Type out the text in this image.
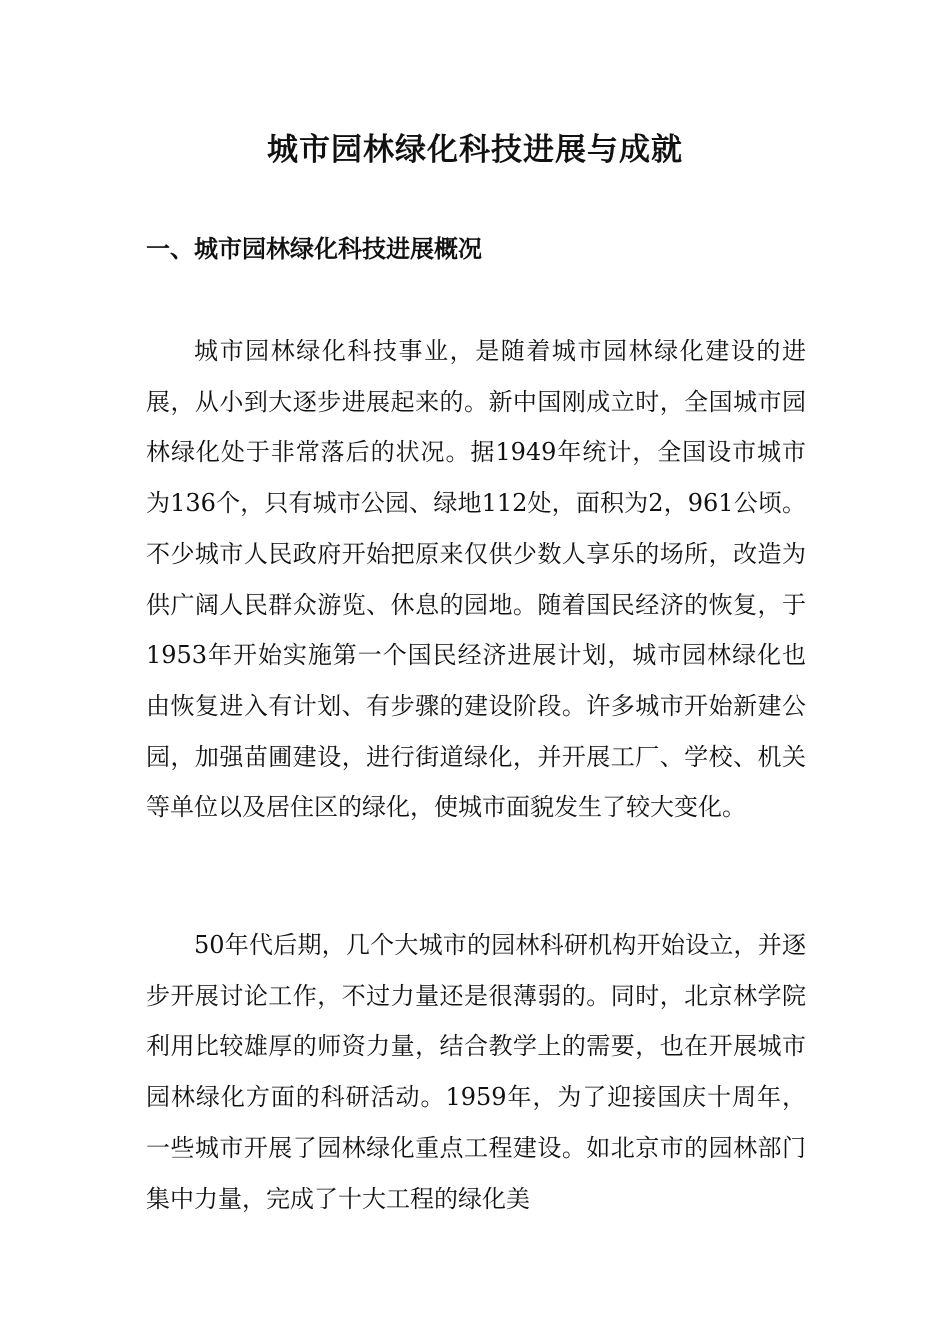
城市园林绿化科技进展与成就
一、城市园林绿化科技进展概况

城市园林绿化科技事业，是随着城市园林绿化建设的进展，从小到大逐步进展起来的。新中国刚成立时，全国城市园林绿化处于非常落后的状况。据1949年统计，全国设市城市为136个，只有城市公园、绿地112处，面积为2，961公顷。不少城市人民政府开始把原来仅供少数人享乐的场所，改造为供广阔人民群众游览、休息的园地。随着国民经济的恢复，于1953年开始实施第一个国民经济进展计划，城市园林绿化也由恢复进入有计划、有步骤的建设阶段。许多城市开始新建公园，加强苗圃建设，进行街道绿化，并开展工厂、学校、机关等单位以及居住区的绿化，使城市面貌发生了较大变化。

50年代后期，几个大城市的园林科研机构开始设立，并逐步开展讨论工作，不过力量还是很薄弱的。同时，北京林学院利用比较雄厚的师资力量，结合教学上的需要，也在开展城市园林绿化方面的科研活动。1959年，为了迎接国庆十周年，一些城市开展了园林绿化重点工程建设。如北京市的园林部门集中力量，完成了十大工程的绿化美
